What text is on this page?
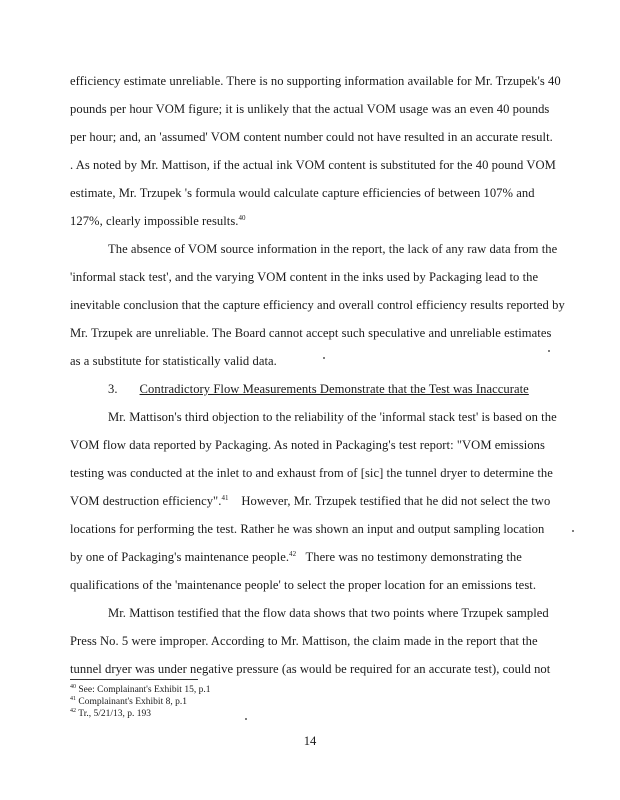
efficiency estimate unreliable. There is no supporting information available for Mr. Trzupek's 40
pounds per hour VOM figure; it is unlikely that the actual VOM usage was an even 40 pounds
per hour; and, an 'assumed' VOM content number could not have resulted in an accurate result.
. As noted by Mr. Mattison, if the actual ink VOM content is substituted for the 40 pound VOM
estimate, Mr. Trzupek 's formula would calculate capture efficiencies of between 107% and
127%, clearly impossible results.$^{40}$
The absence of VOM source information in the report, the lack of any raw data from the
'informal stack test', and the varying VOM content in the inks used by Packaging lead to the
inevitable conclusion that the capture efficiency and overall control efficiency results reported by
Mr. Trzupek are unreliable. The Board cannot accept such speculative and unreliable estimates
as a substitute for statistically valid data.
3. Contradictory Flow Measurements Demonstrate that the Test was Inaccurate
Mr. Mattison's third objection to the reliability of the 'informal stack test' is based on the
VOM flow data reported by Packaging. As noted in Packaging's test report: "VOM emissions
testing was conducted at the inlet to and exhaust from of [sic] the tunnel dryer to determine the
VOM destruction efficiency".$^{41}$    However, Mr. Trzupek testified that he did not select the two
locations for performing the test. Rather he was shown an input and output sampling location
by one of Packaging's maintenance people.$^{42}$   There was no testimony demonstrating the
qualifications of the 'maintenance people' to select the proper location for an emissions test.
Mr. Mattison testified that the flow data shows that two points where Trzupek sampled
Press No. 5 were improper. According to Mr. Mattison, the claim made in the report that the
tunnel dryer was under negative pressure (as would be required for an accurate test), could not
$^{40}$ See: Complainant's Exhibit 15, p.1
$^{41}$ Complainant's Exhibit 8, p.1
$^{42}$ Tr., 5/21/13, p. 193
14
